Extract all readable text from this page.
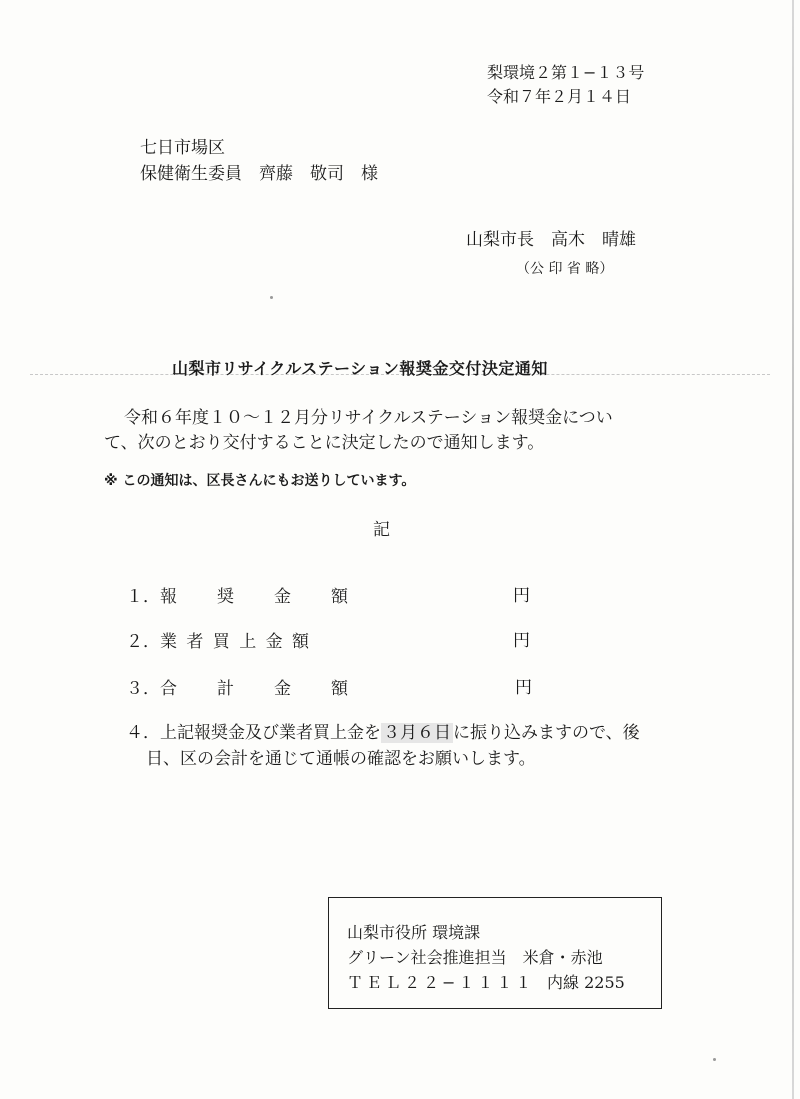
梨環境２第１−１３号
令和７年２月１４日
七日市場区
保健衛生委員　齊藤　敬司　様
山梨市長　高木　晴雄
（公 印 省 略）
山梨市リサイクルステーション報奨金交付決定通知
令和６年度１０〜１２月分リサイクルステーション報奨金につい
て、次のとおり交付することに決定したので通知します。
※ この通知は、区長さんにもお送りしています。
記
１． 報　　奨　　金　　額	円
２． 業 者 買 上 金 額	円
３． 合　　計　　金　　額	円
４．上記報奨金及び業者買上金を ３月６日 に振り込みますので、後
日、区の会計を通じて通帳の確認をお願いします。
山梨市役所 環境課
グリーン社会推進担当　米倉・赤池
ＴＥＬ２２−１１１１ 内線 2255
